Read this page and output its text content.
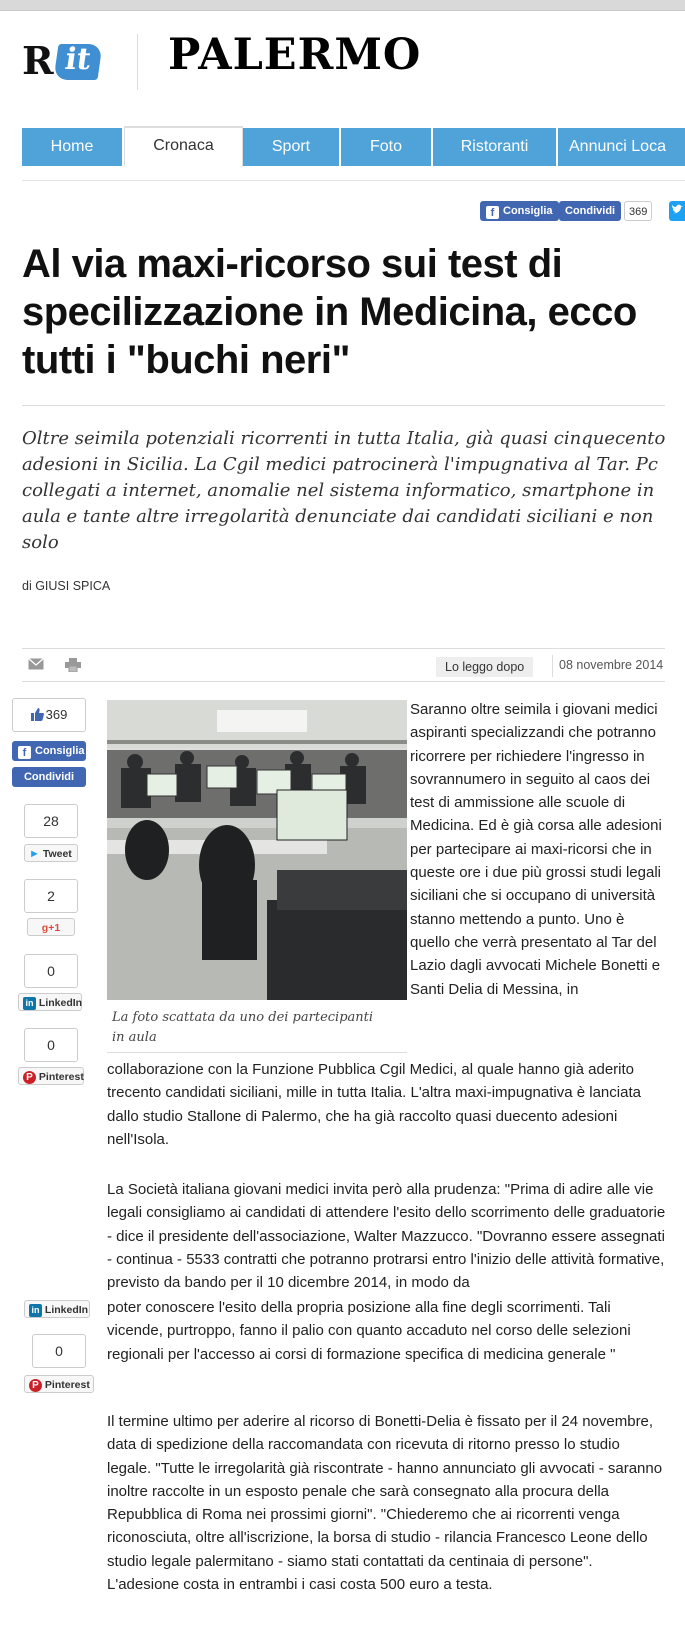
R it PALERMO
Home	Cronaca	Sport	Foto	Ristoranti	Annunci Loca
f Consiglia	Condividi	369
Al via maxi-ricorso sui test di specilizzazione in Medicina, ecco tutti i "buchi neri"

Oltre seimila potenziali ricorrenti in tutta Italia, già quasi cinquecento adesioni in Sicilia. La Cgil medici patrocinerà l'impugnativa al Tar. Pc collegati a internet, anomalie nel sistema informatico, smartphone in aula e tante altre irregolarità denunciate dai candidati siciliani e non solo

di GIUSI SPICA
Lo leggo dopo	08 novembre 2014
369
f Consiglia
Condividi
28
► Tweet
2
g+1
0
in LinkedIn
0
P Pinterest
La foto scattata da uno dei partecipanti in aula

Saranno oltre seimila i giovani medici aspiranti specializzandi che potranno ricorrere per richiedere l'ingresso in sovrannumero in seguito al caos dei test di ammissione alle scuole di Medicina. Ed è già corsa alle adesioni per partecipare ai maxi-ricorsi che in queste ore i due più grossi studi legali siciliani che si occupano di università stanno mettendo a punto. Uno è quello che verrà presentato al Tar del Lazio dagli avvocati Michele Bonetti e Santi Delia di Messina, in

collaborazione con la Funzione Pubblica Cgil Medici, al quale hanno già aderito trecento candidati siciliani, mille in tutta Italia. L'altra maxi-impugnativa è lanciata dallo studio Stallone di Palermo, che ha già raccolto quasi duecento adesioni nell'Isola.

La Società italiana giovani medici invita però alla prudenza: "Prima di adire alle vie legali consigliamo ai candidati di attendere l'esito dello scorrimento delle graduatorie - dice il presidente dell'associazione, Walter Mazzucco. "Dovranno essere assegnati - continua - 5533 contratti che potranno protrarsi entro l'inizio delle attività formative, previsto da bando per il 10 dicembre 2014, in modo da

poter conoscere l'esito della propria posizione alla fine degli scorrimenti. Tali vicende, purtroppo, fanno il palio con quanto accaduto nel corso delle selezioni regionali per l'accesso ai corsi di formazione specifica di medicina generale "

Il termine ultimo per aderire al ricorso di Bonetti-Delia è fissato per il 24 novembre, data di spedizione della raccomandata con ricevuta di ritorno presso lo studio legale. "Tutte le irregolarità già riscontrate - hanno annunciato gli avvocati - saranno inoltre raccolte in un esposto penale che sarà consegnato alla procura della Repubblica di Roma nei prossimi giorni". "Chiederemo che ai ricorrenti venga riconosciuta, oltre all'iscrizione, la borsa di studio - rilancia Francesco Leone dello studio legale palermitano - siamo stati contattati da centinaia di persone". L'adesione costa in entrambi i casi costa 500 euro a testa.

in LinkedIn
0
P Pinterest
